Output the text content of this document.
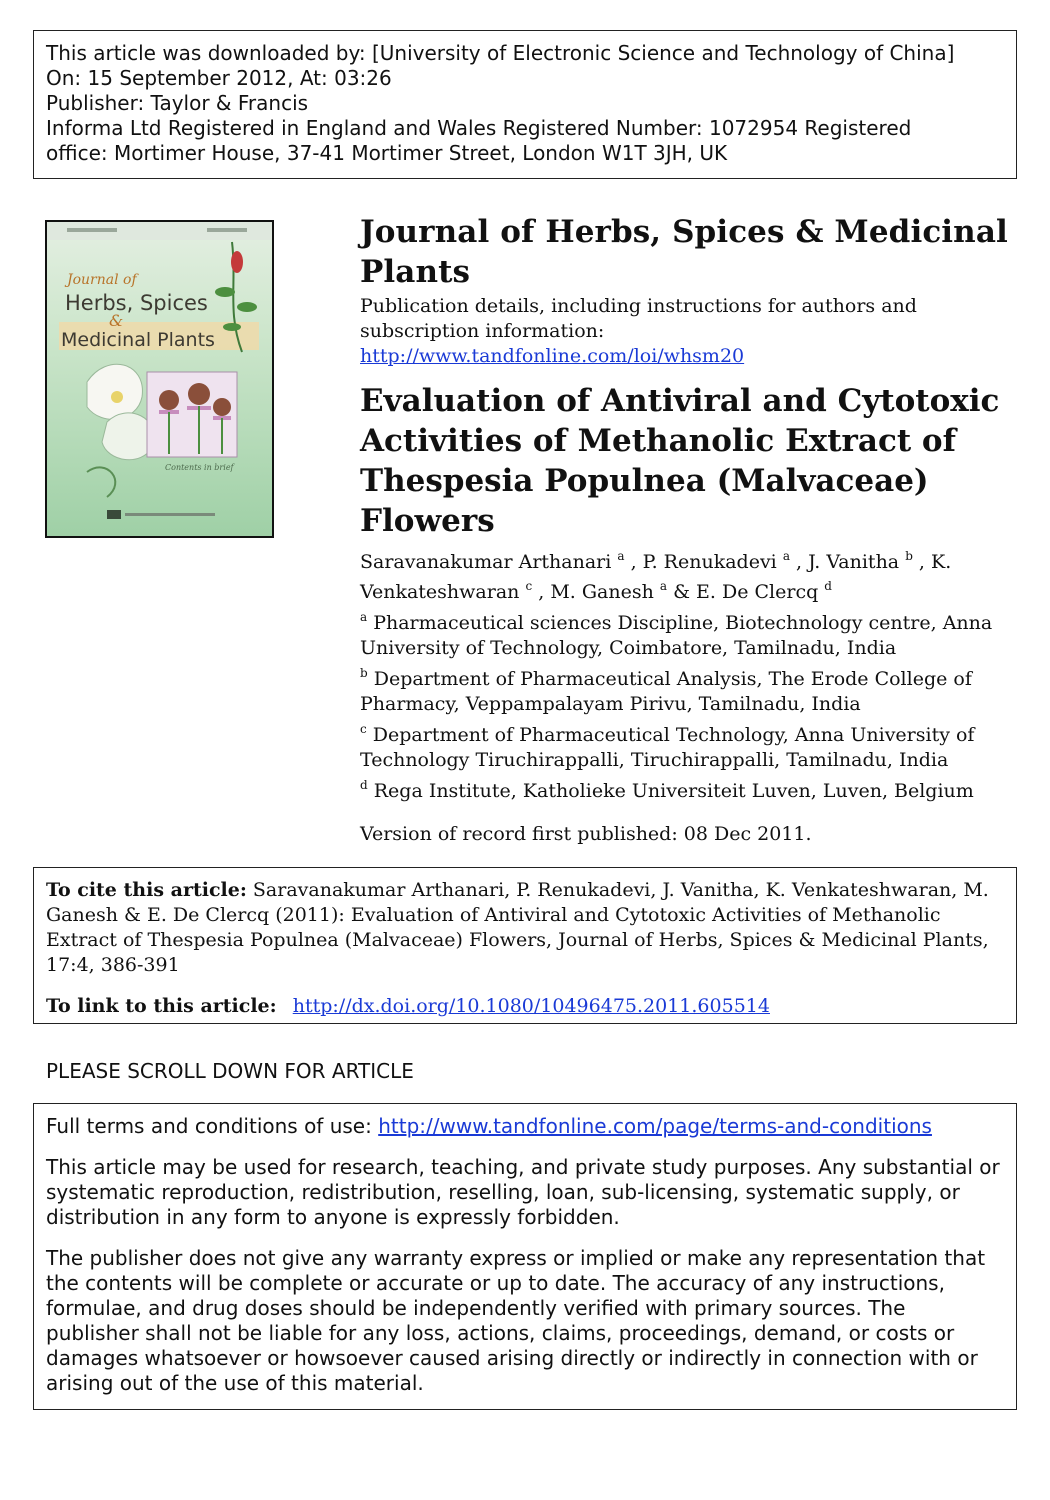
This article was downloaded by: [University of Electronic Science and Technology of China]
On: 15 September 2012, At: 03:26
Publisher: Taylor & Francis
Informa Ltd Registered in England and Wales Registered Number: 1072954 Registered
office: Mortimer House, 37-41 Mortimer Street, London W1T 3JH, UK
Journal of
Herbs, Spices
&
Medicinal Plants
Contents in brief
Journal of Herbs, Spices & Medicinal Plants
Publication details, including instructions for authors and subscription information:
http://www.tandfonline.com/loi/whsm20
Evaluation of Antiviral and Cytotoxic Activities of Methanolic Extract of Thespesia Populnea (Malvaceae) Flowers
Saravanakumar Arthanari $^a$ , P. Renukadevi $^a$ , J. Vanitha $^b$ , K. Venkateshwaran $^c$ , M. Ganesh $^a$ & E. De Clercq $^d$
$^a$ Pharmaceutical sciences Discipline, Biotechnology centre, Anna University of Technology, Coimbatore, Tamilnadu, India
$^b$ Department of Pharmaceutical Analysis, The Erode College of Pharmacy, Veppampalayam Pirivu, Tamilnadu, India
$^c$ Department of Pharmaceutical Technology, Anna University of Technology Tiruchirappalli, Tiruchirappalli, Tamilnadu, India
$^d$ Rega Institute, Katholieke Universiteit Luven, Luven, Belgium
Version of record first published: 08 Dec 2011.
To cite this article: Saravanakumar Arthanari, P. Renukadevi, J. Vanitha, K. Venkateshwaran, M. Ganesh & E. De Clercq (2011): Evaluation of Antiviral and Cytotoxic Activities of Methanolic Extract of Thespesia Populnea (Malvaceae) Flowers, Journal of Herbs, Spices & Medicinal Plants, 17:4, 386-391
To link to this article: http://dx.doi.org/10.1080/10496475.2011.605514
PLEASE SCROLL DOWN FOR ARTICLE

Full terms and conditions of use: http://www.tandfonline.com/page/terms-and-conditions

This article may be used for research, teaching, and private study purposes. Any substantial or systematic reproduction, redistribution, reselling, loan, sub-licensing, systematic supply, or distribution in any form to anyone is expressly forbidden.

The publisher does not give any warranty express or implied or make any representation that the contents will be complete or accurate or up to date. The accuracy of any instructions, formulae, and drug doses should be independently verified with primary sources. The publisher shall not be liable for any loss, actions, claims, proceedings, demand, or costs or damages whatsoever or howsoever caused arising directly or indirectly in connection with or arising out of the use of this material.
